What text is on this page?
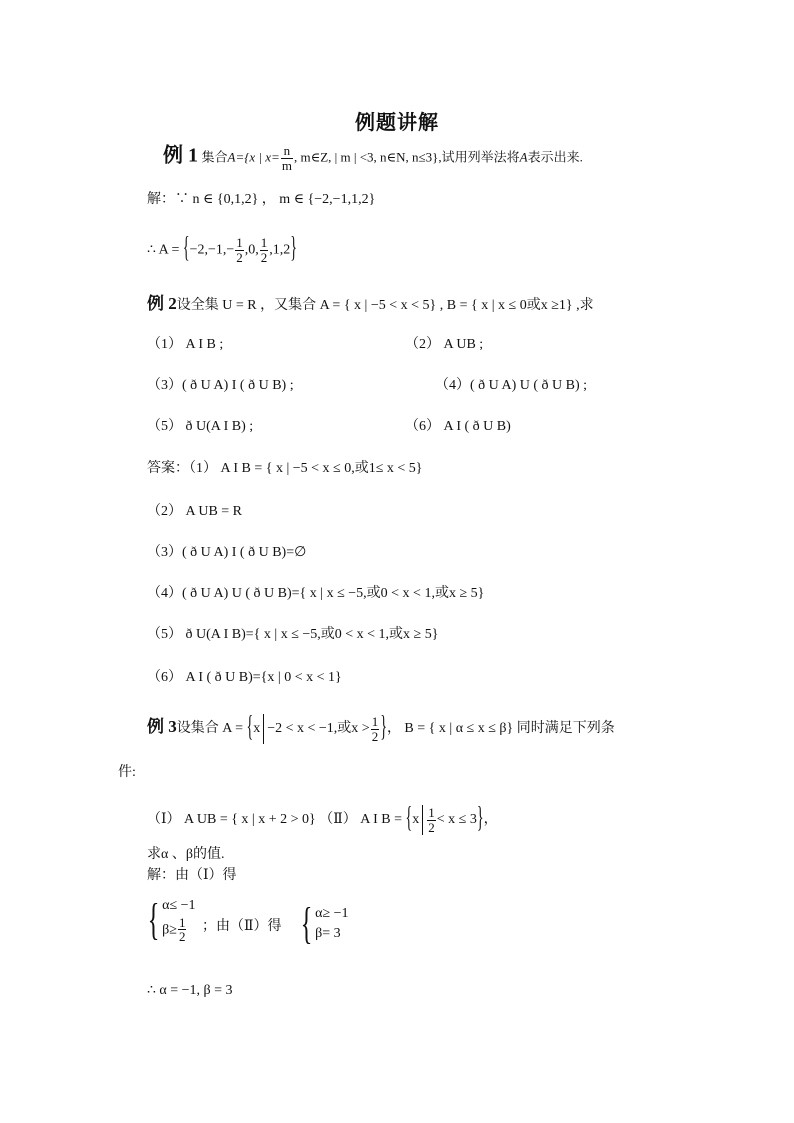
例题讲解
例 1 集合A={x | $x= \frac{n}{m}$ , m∈Z, | m | <3, n∈N, n≤3},试用列举法将A表示出来.
解：∵ n ∈ {0,1,2} ， m ∈ {−2,−1,1,2}
∴ $A = \{-2,-1,- \frac{1}{2} ,0$, $\frac{1}{2} ,1,2$}
例 2设全集 U = R ，又集合 A = { x | −5 < x < 5} , B = { x | x ≤ 0或x ≥1} ,求
（1） A I B ;	（2） A UB ;
（3）( ð U A) I ( ð U B) ;	（4）( ð U A) U ( ð U B) ;
（5） ð U(A I B) ;	（6） A I ( ð U B)
答案：（1） A I B = { x | −5 < x ≤ 0,或1≤ x < 5}
（2） A UB = R
（3）( ð U A) I ( ð U B)=∅
（4）( ð U A) U ( ð U B)={ x | x ≤ −5,或0 < x < 1,或x ≥ 5}
（5） ð U(A I B)={ x | x ≤ −5,或0 < x < 1,或x ≥ 5}
（6） A I ( ð U B)={x | 0 < x < 1}
例 3设集合 A = {x −2 < x < −1,或$x > \frac{1}{2}$ }， B = { x | α ≤ x ≤ β} 同时满足下列条
件:
（Ⅰ） A UB = { x | x + 2 > 0} （Ⅱ） A I $B = \{x \frac{1}{2} < x \le 3\}$，
求α 、β的值.
解：由（Ⅰ）得
{ α≤ −1
$\beta\ge \frac{1}{2}$ ；由（Ⅱ）得 { α≥ −1
β= 3
∴ α = −1, β = 3
